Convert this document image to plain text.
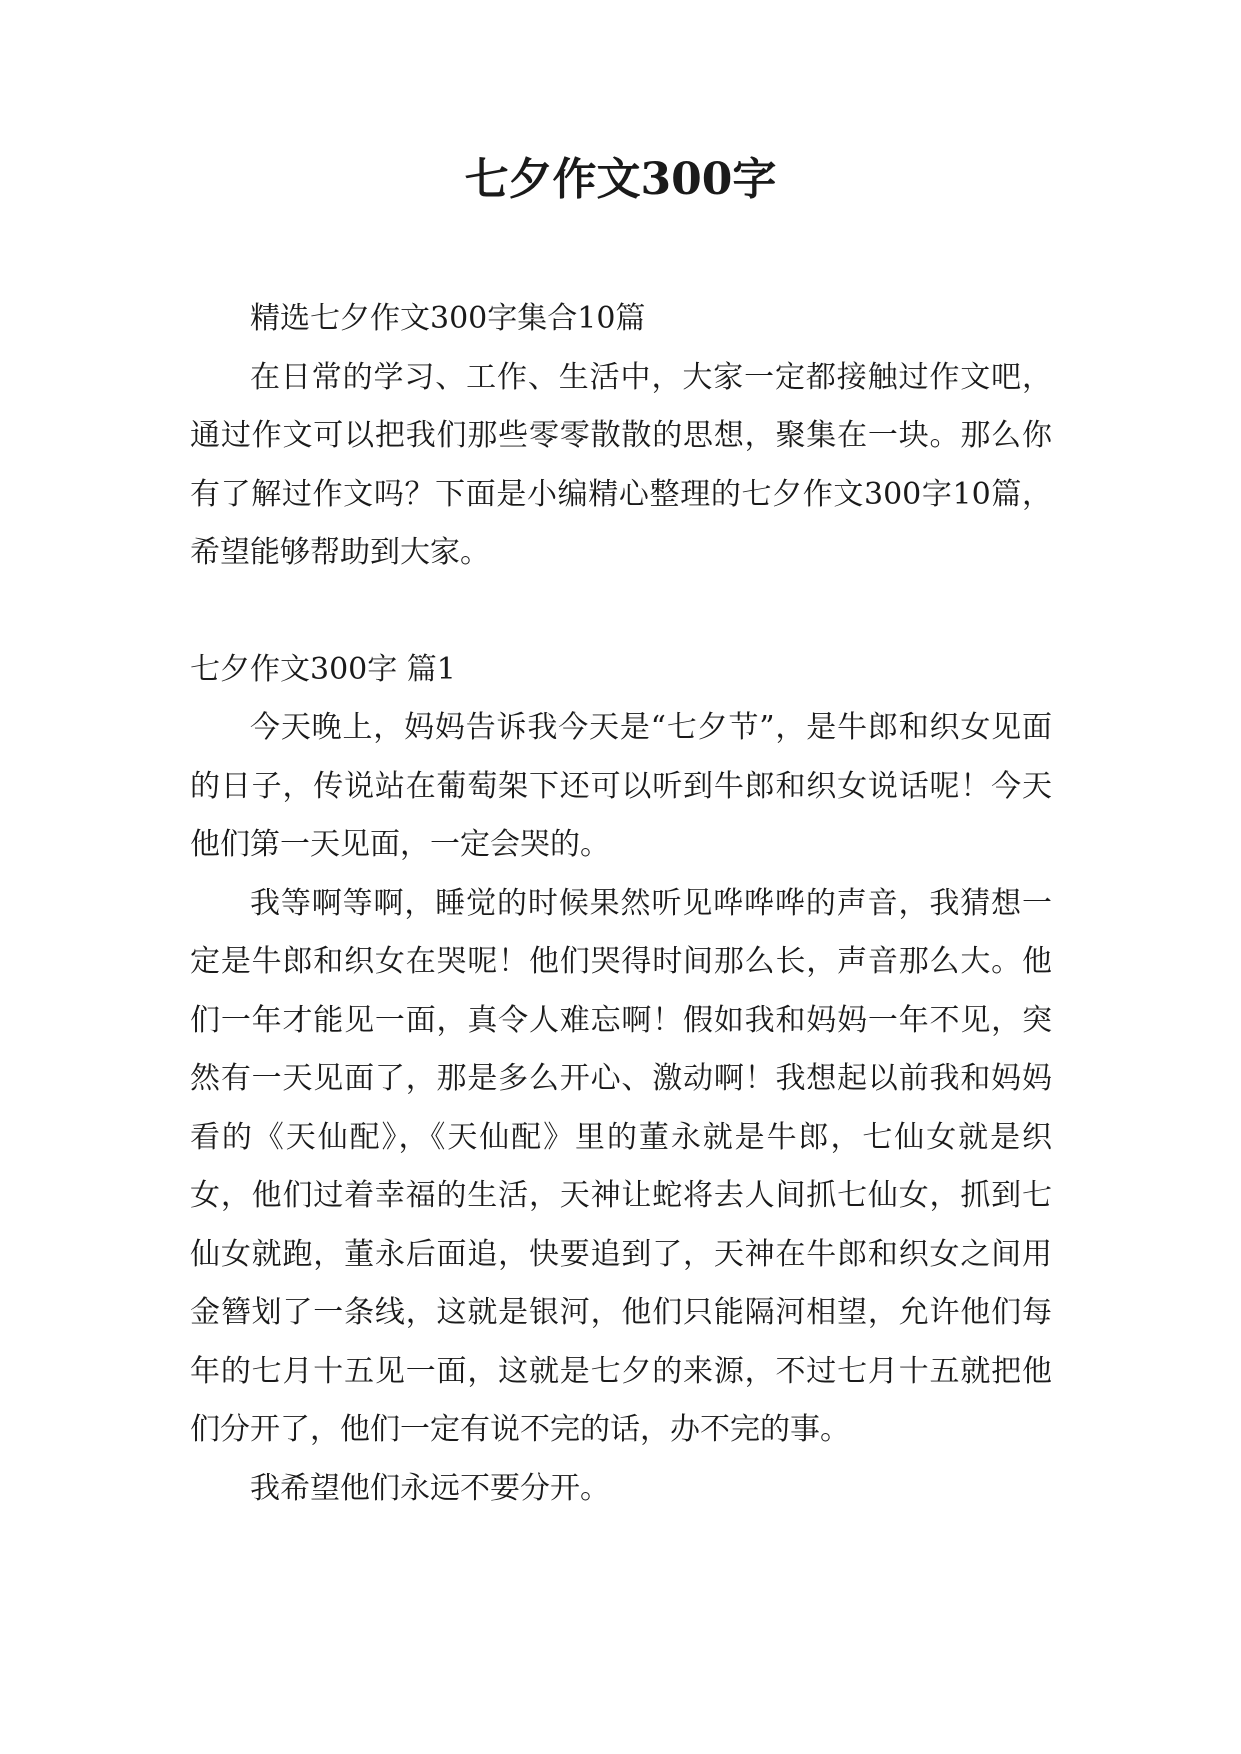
七夕作文300字

精选七夕作文300字集合10篇

在日常的学习、工作、生活中，大家一定都接触过作文吧，通过作文可以把我们那些零零散散的思想，聚集在一块。那么你有了解过作文吗？下面是小编精心整理的七夕作文300字10篇，希望能够帮助到大家。

七夕作文300字 篇1

今天晚上，妈妈告诉我今天是“七夕节”，是牛郎和织女见面的日子，传说站在葡萄架下还可以听到牛郎和织女说话呢！今天他们第一天见面，一定会哭的。

我等啊等啊，睡觉的时候果然听见哗哗哗的声音，我猜想一定是牛郎和织女在哭呢！他们哭得时间那么长，声音那么大。他们一年才能见一面，真令人难忘啊！假如我和妈妈一年不见，突然有一天见面了，那是多么开心、激动啊！我想起以前我和妈妈看的《天仙配》，《天仙配》里的董永就是牛郎，七仙女就是织女，他们过着幸福的生活，天神让蛇将去人间抓七仙女，抓到七仙女就跑，董永后面追，快要追到了，天神在牛郎和织女之间用金簪划了一条线，这就是银河，他们只能隔河相望，允许他们每年的七月十五见一面，这就是七夕的来源，不过七月十五就把他们分开了，他们一定有说不完的话，办不完的事。

我希望他们永远不要分开。
